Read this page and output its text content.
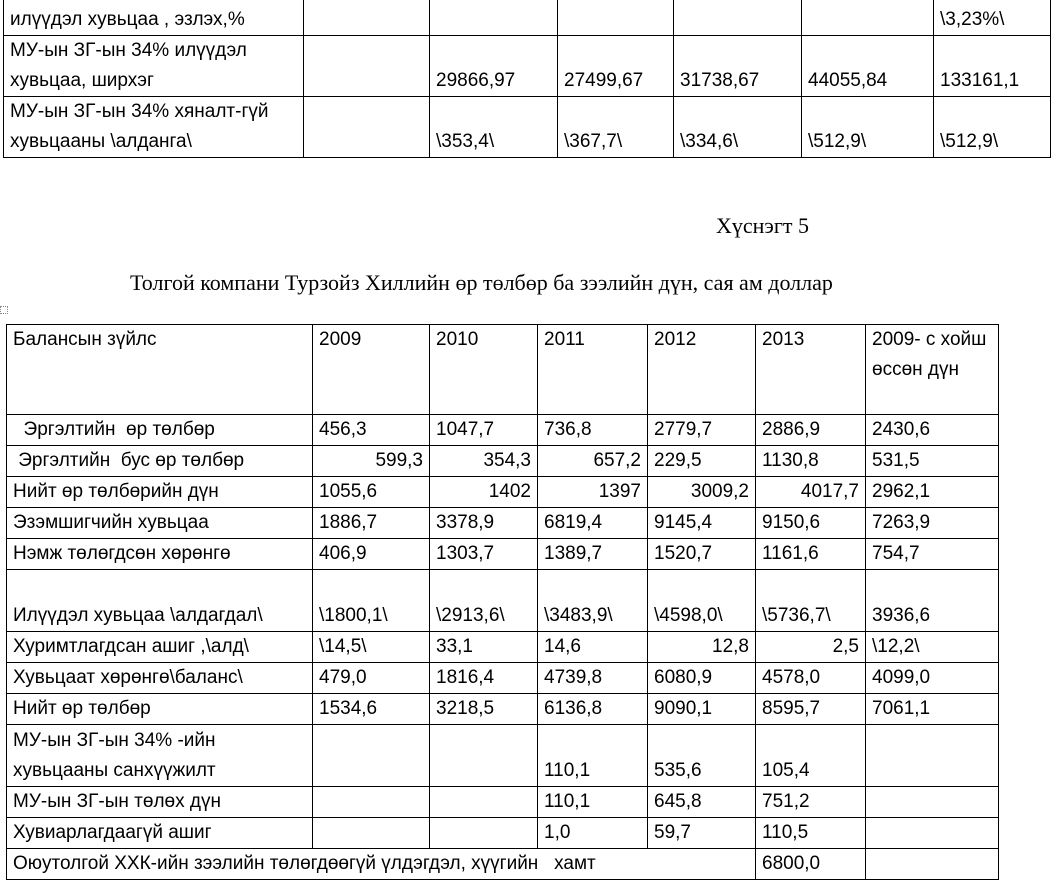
илүүдэл хувьцаа , эзлэх,%						\3,23%\
МУ-ын ЗГ-ын 34% илүүдэл хувьцаа, ширхэг		29866,97	27499,67	31738,67	44055,84	133161,1
МУ-ын ЗГ-ын 34% хяналт-гүй хувьцааны \алданга\		\353,4\	\367,7\	\334,6\	\512,9\	\512,9\
Хүснэгт 5
Толгой компани Турзойз Хиллийн өр төлбөр ба зээлийн дүн, сая ам доллар
Балансын зүйлс	2009	2010	2011	2012	2013	2009- с хойш өссөн дүн
Эргэлтийн  өр төлбөр	456,3	1047,7	736,8	2779,7	2886,9	2430,6
Эргэлтийн  бус өр төлбөр	599,3	354,3	657,2	229,5	1130,8	531,5
Нийт өр төлбөрийн дүн	1055,6	1402	1397	3009,2	4017,7	2962,1
Эзэмшигчийн хувьцаа	1886,7	3378,9	6819,4	9145,4	9150,6	7263,9
Нэмж төлөгдсөн хөрөнгө	406,9	1303,7	1389,7	1520,7	1161,6	754,7
Илүүдэл хувьцаа \алдагдал\	\1800,1\	\2913,6\	\3483,9\	\4598,0\	\5736,7\	3936,6
Хуримтлагдсан ашиг ,\алд\	\14,5\	33,1	14,6	12,8	2,5	\12,2\
Хувьцаат хөрөнгө\баланс\	479,0	1816,4	4739,8	6080,9	4578,0	4099,0
Нийт өр төлбөр	1534,6	3218,5	6136,8	9090,1	8595,7	7061,1
МУ-ын ЗГ-ын 34% -ийн хувьцааны санхүүжилт			110,1	535,6	105,4	
МУ-ын ЗГ-ын төлөх дүн			110,1	645,8	751,2	
Хувиарлагдаагүй ашиг			1,0	59,7	110,5	
Оюутолгой ХХК-ийн зээлийн төлөгдөөгүй үлдэгдэл, хүүгийн   хамт					6800,0	
